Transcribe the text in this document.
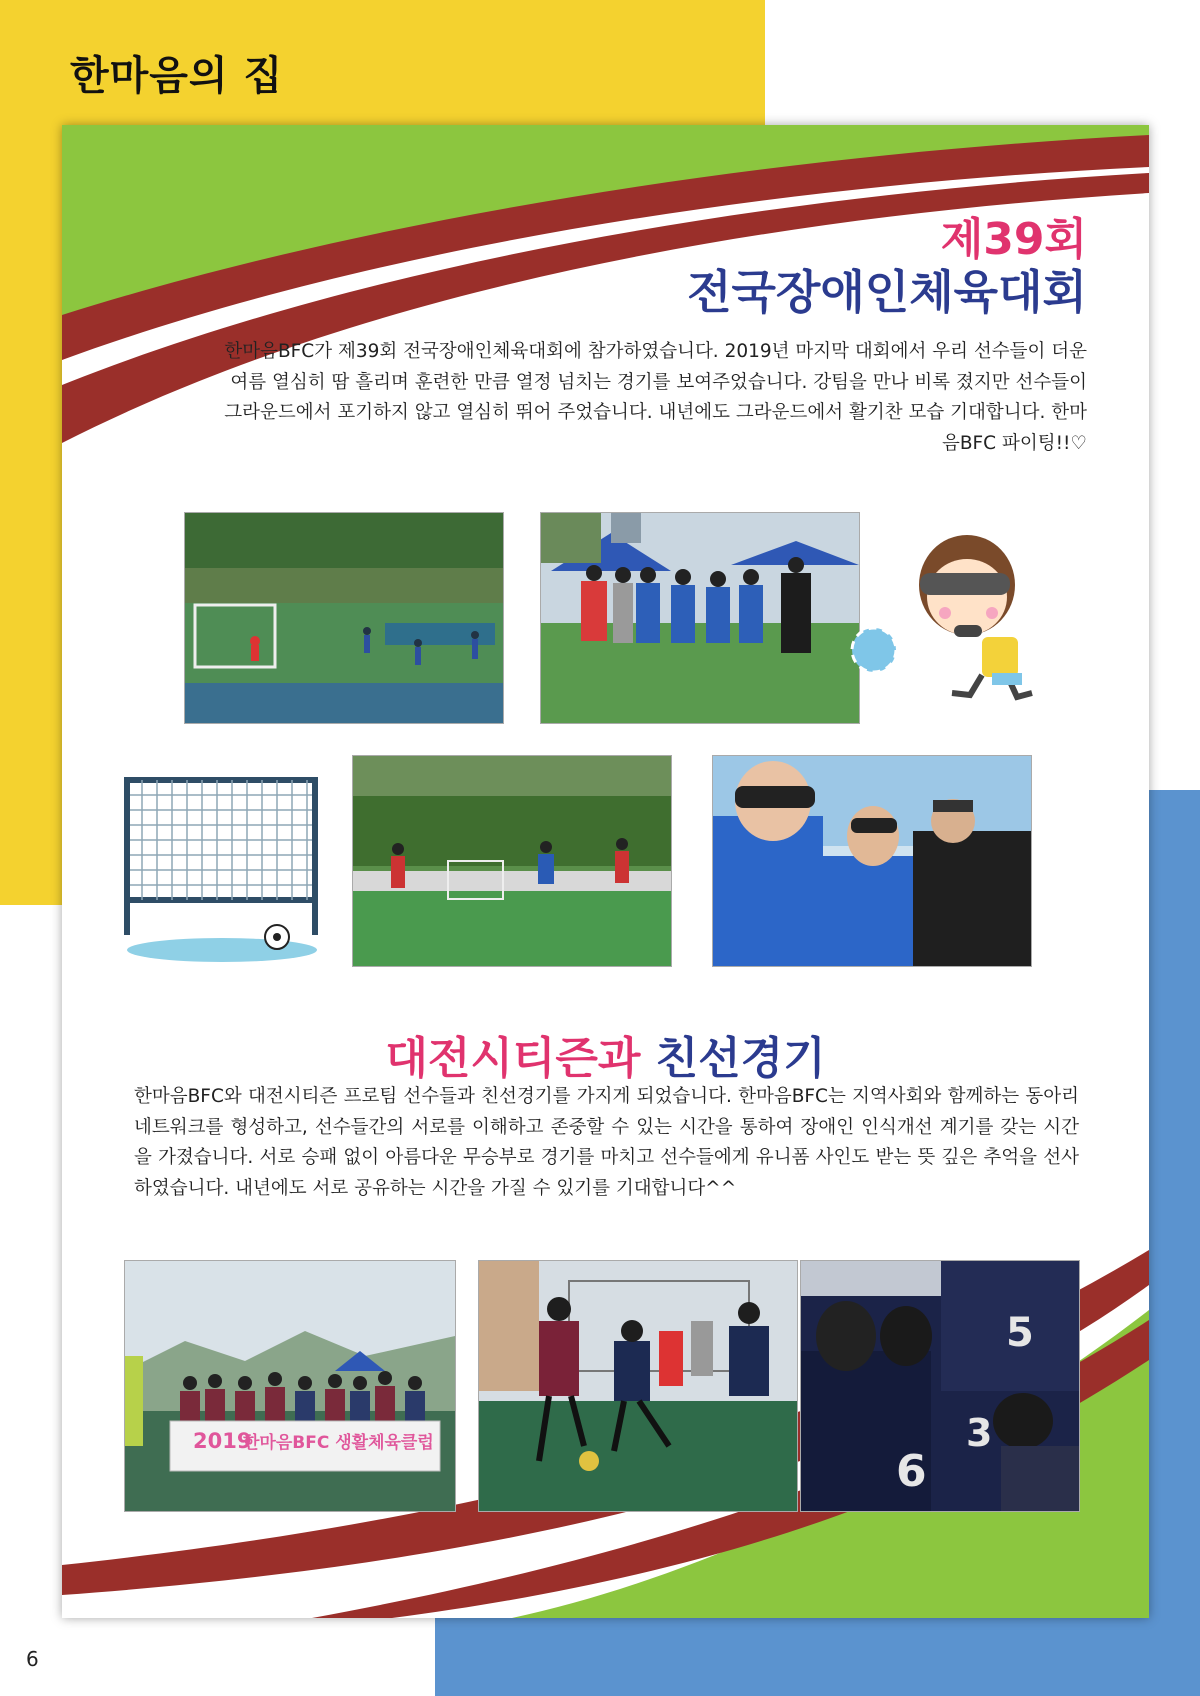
한마음의 집
제39회
전국장애인체육대회

한마음BFC가 제39회 전국장애인체육대회에 참가하였습니다. 2019년 마지막 대회에서 우리 선수들이 더운 여름 열심히 땀 흘리며 훈련한 만큼 열정 넘치는 경기를 보여주었습니다. 강팀을 만나 비록 졌지만 선수들이 그라운드에서 포기하지 않고 열심히 뛰어 주었습니다. 내년에도 그라운드에서 활기찬 모습 기대합니다. 한마음BFC 파이팅!!♡

대전시티즌과 친선경기

한마음BFC와 대전시티즌 프로팀 선수들과 친선경기를 가지게 되었습니다. 한마음BFC는 지역사회와 함께하는 동아리 네트워크를 형성하고, 선수들간의 서로를 이해하고 존중할 수 있는 시간을 통하여 장애인 인식개선 계기를 갖는 시간을 가졌습니다. 서로 승패 없이 아름다운 무승부로 경기를 마치고 선수들에게 유니폼 사인도 받는 뜻 깊은 추억을 선사하였습니다. 내년에도 서로 공유하는 시간을 가질 수 있기를 기대합니다^^

2019
한마음BFC 생활체육클럽
5
3
6
6
